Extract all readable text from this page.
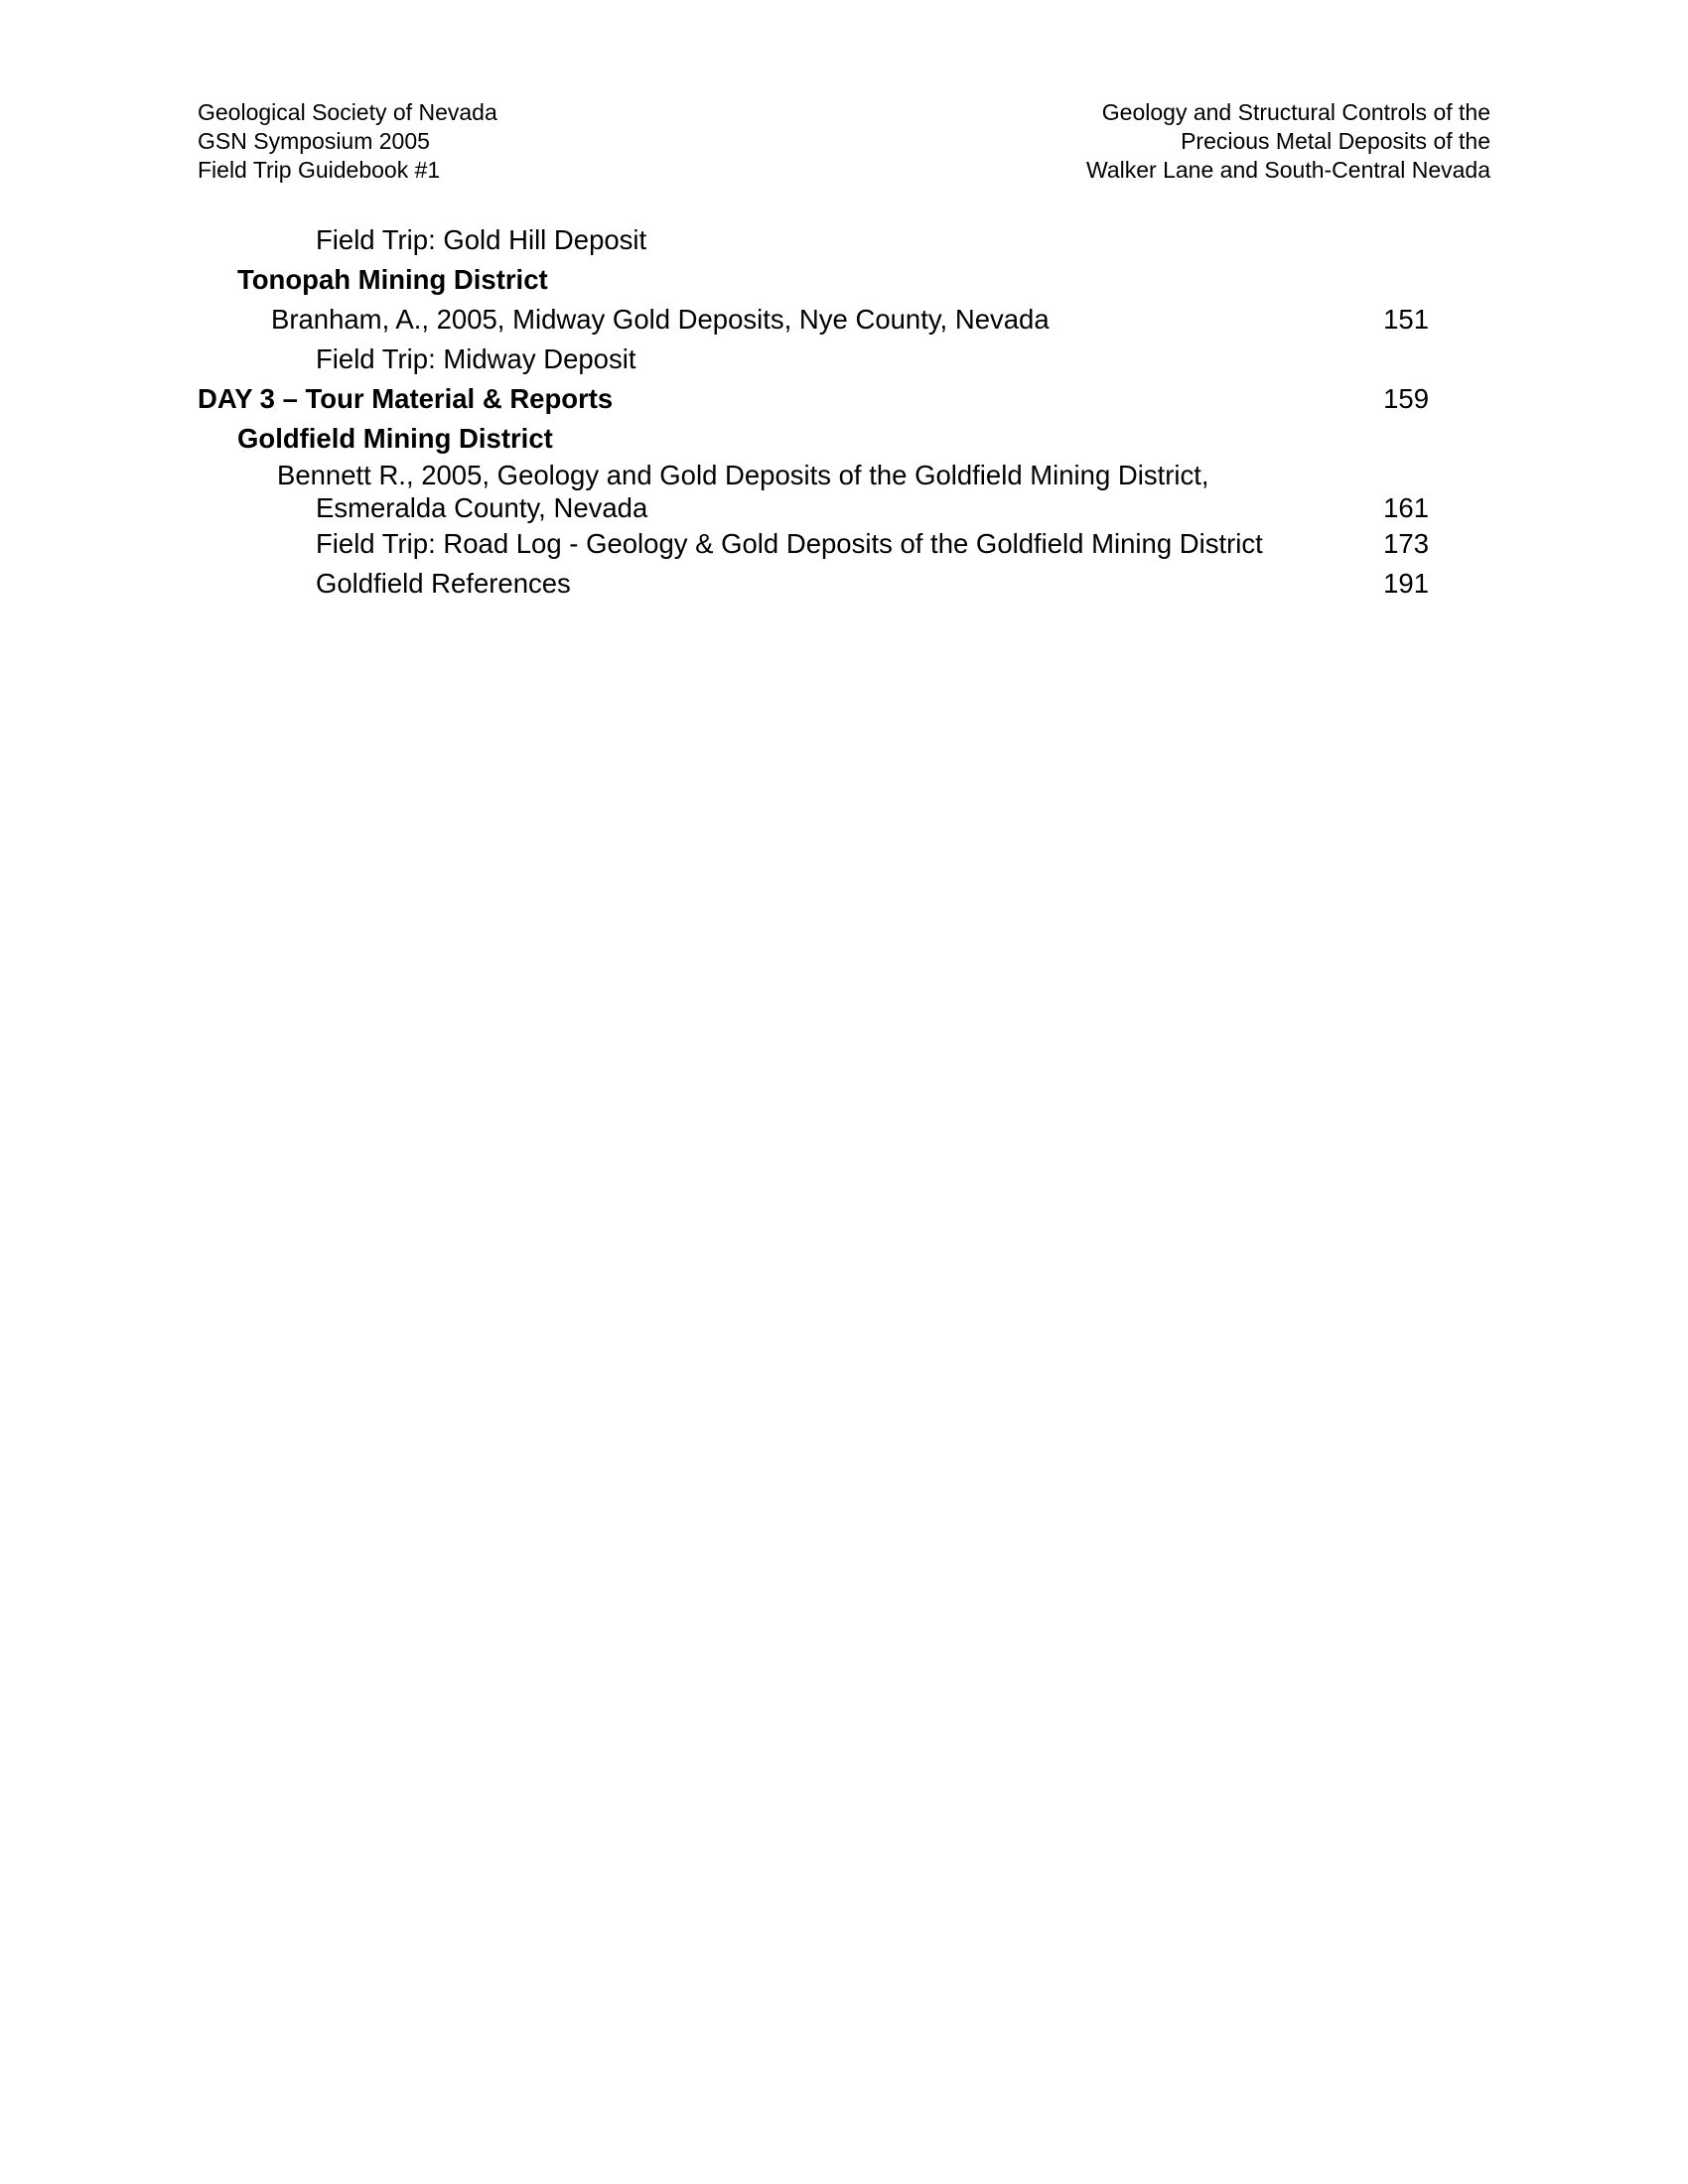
Geological Society of Nevada
GSN Symposium 2005
Field Trip Guidebook #1
Geology and Structural Controls of the
Precious Metal Deposits of the
Walker Lane and South-Central Nevada
Field Trip: Gold Hill Deposit
Tonopah Mining District
Branham, A., 2005, Midway Gold Deposits, Nye County, Nevada	151
Field Trip: Midway Deposit
DAY 3 – Tour Material & Reports	159
Goldfield Mining District
Bennett R., 2005, Geology and Gold Deposits of the Goldfield Mining District,
Esmeralda County, Nevada	161
Field Trip: Road Log - Geology & Gold Deposits of the Goldfield Mining District	173
Goldfield References	191
